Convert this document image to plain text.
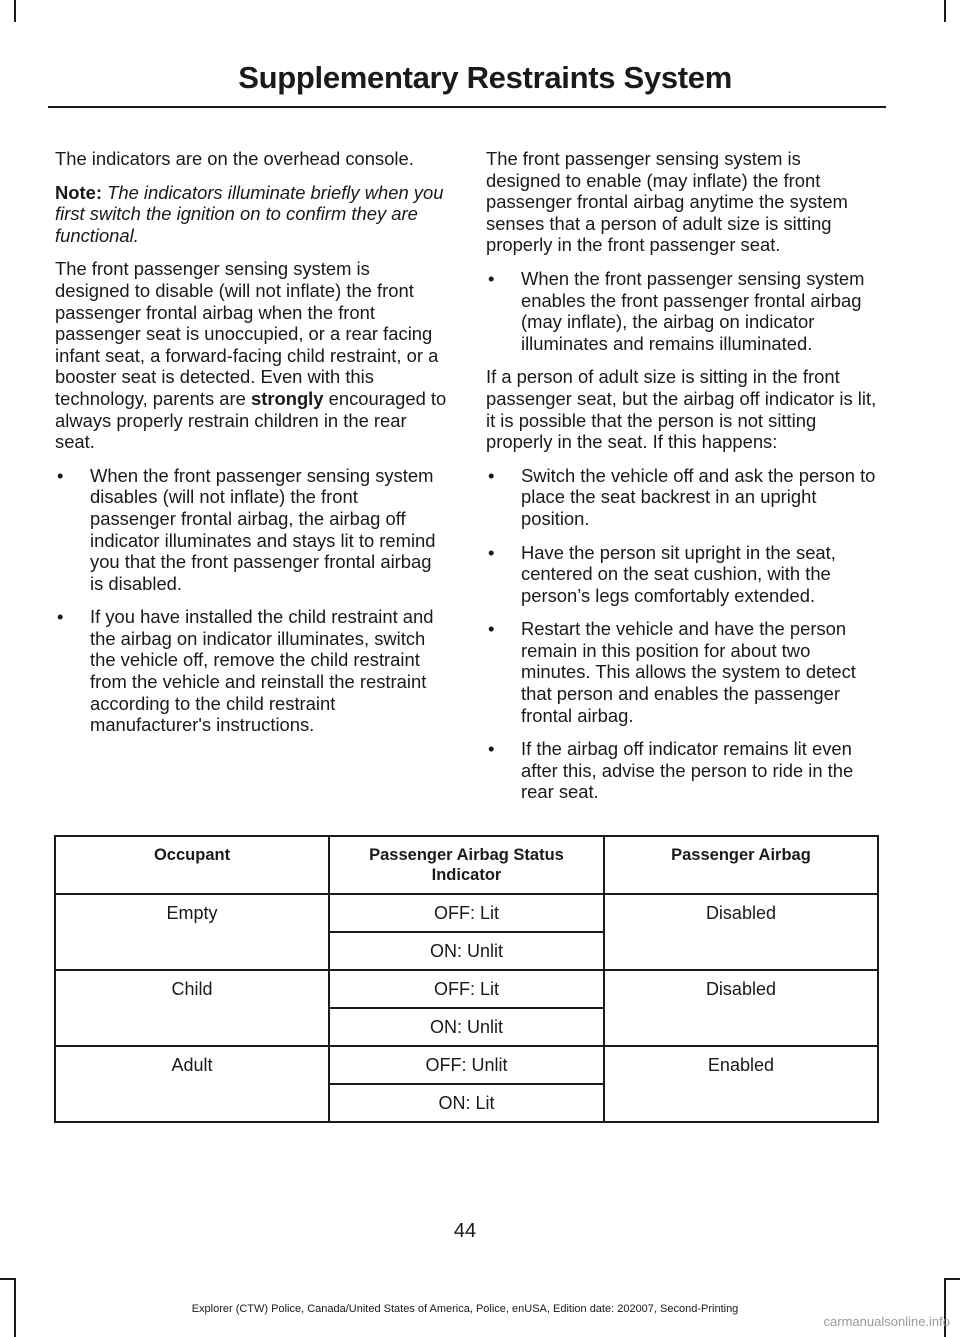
Supplementary Restraints System

The indicators are on the overhead console.

Note: The indicators illuminate briefly when you first switch the ignition on to confirm they are functional.

The front passenger sensing system is designed to disable (will not inflate) the front passenger frontal airbag when the front passenger seat is unoccupied, or a rear facing infant seat, a forward-facing child restraint, or a booster seat is detected. Even with this technology, parents are strongly encouraged to always properly restrain children in the rear seat.

• When the front passenger sensing system disables (will not inflate) the front passenger frontal airbag, the airbag off indicator illuminates and stays lit to remind you that the front passenger frontal airbag is disabled.
• If you have installed the child restraint and the airbag on indicator illuminates, switch the vehicle off, remove the child restraint from the vehicle and reinstall the restraint according to the child restraint manufacturer's instructions.

The front passenger sensing system is designed to enable (may inflate) the front passenger frontal airbag anytime the system senses that a person of adult size is sitting properly in the front passenger seat.

• When the front passenger sensing system enables the front passenger frontal airbag (may inflate), the airbag on indicator illuminates and remains illuminated.

If a person of adult size is sitting in the front passenger seat, but the airbag off indicator is lit, it is possible that the person is not sitting properly in the seat. If this happens:

• Switch the vehicle off and ask the person to place the seat backrest in an upright position.
• Have the person sit upright in the seat, centered on the seat cushion, with the person’s legs comfortably extended.
• Restart the vehicle and have the person remain in this position for about two minutes. This allows the system to detect that person and enables the passenger frontal airbag.
• If the airbag off indicator remains lit even after this, advise the person to ride in the rear seat.
Occupant	Passenger Airbag Status Indicator	Passenger Airbag
Empty	OFF: Lit	Disabled
	ON: Unlit	
Child	OFF: Lit	Disabled
	ON: Unlit	
Adult	OFF: Unlit	Enabled
	ON: Lit	
44
Explorer (CTW) Police, Canada/United States of America, Police, enUSA, Edition date: 202007, Second-Printing
carmanualsonline.info
